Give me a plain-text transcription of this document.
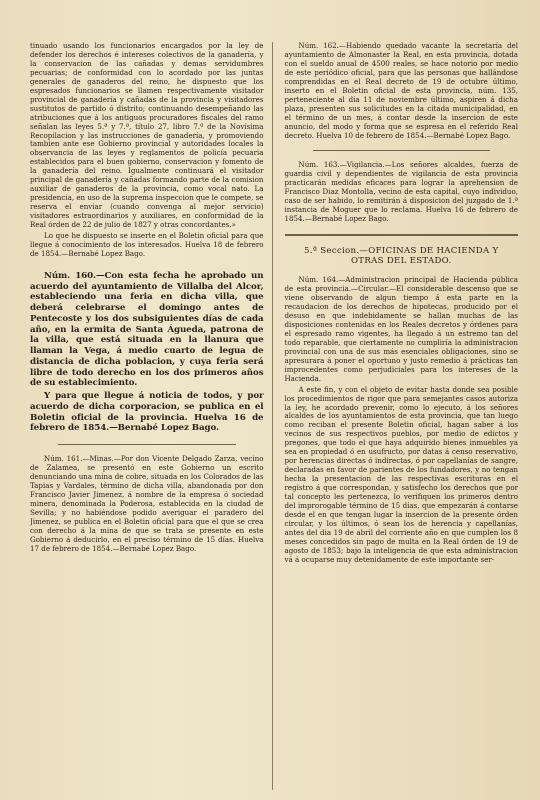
tinuado usando los funcionarios encargados por la ley de defender los derechos é intereses colectivos de la ganadería, y la conservacion de las cañadas y demas servidumbres pecuarias; de conformidad con lo acordado por las juntas generales de ganaderos del reino, he dispuesto que los espresados funcionarios se llamen respectivamente visitador provincial de ganadería y cañadas de la provincia y visitadores sustitutos de partido ó distrito; continuando desempeñando las atribuciones que á los antiguos procuradores fiscales del ramo señalan las leyes 5.ª y 7.ª, título 27, libro 7.º de la Novísima Recopilacion y las instrucciones de ganadería, y promoviendo tambien ante ese Gobierno provincial y autoridades locales la observancia de las leyes y reglamentos de policía pecuaria establecidos para el buen gobierno, conservacion y fomento de la ganadería del reino. Igualmente continuará el visitador principal de ganadería y cañadas formando parte de la comision auxiliar de ganaderos de la provincia, como vocal nato. La presidencia, en uso de la suprema inspeccion que le compete, se reserva el enviar (cuando convenga al mejor servicio) visitadores estraordinarios y auxiliares, en conformidad de la Real órden de 22 de julio de 1827 y otras concordantes.»

Lo que he dispuesto se inserte en el Boletin oficial para que llegue á conocimiento de los interesados. Huelva 18 de febrero de 1854.—Bernabé Lopez Bago.

Núm. 160.—Con esta fecha he aprobado un acuerdo del ayuntamiento de Villalba del Alcor, estableciendo una feria en dicha villa, que deberá celebrarse el domingo antes de Pentecoste y los dos subsiguientes días de cada año, en la ermita de Santa Águeda, patrona de la villa, que está situada en la llanura que llaman la Vega, á medio cuarto de legua de distancia de dicha poblacion, y cuya feria será libre de todo derecho en los dos primeros años de su establecimiento.

Y para que llegue á noticia de todos, y por acuerdo de dicha corporacion, se publica en el Boletin oficial de la provincia. Huelva 16 de febrero de 1854.—Bernabé Lopez Bago.

Núm. 161.—Minas.—Por don Vicente Delgado Zarza, vecino de Zalamea, se presentó en este Gobierno un escrito denunciando una mina de cobre, situada en los Colorados de las Tapias y Vardales, término de dicha villa, abandonada por don Francisco Javier Jimenez, á nombre de la empresa ó sociedad minera, denominada la Poderosa, establecida en la ciudad de Sevilla; y no habiéndose podido averiguar el paradero del Jimenez, se publica en el Boletin oficial para que el que se crea con derecho á la mina de que se trata se presente en este Gobierno á deducirlo, en el preciso término de 15 días. Huelva 17 de febrero de 1854.—Bernabé Lopez Bago.

Núm. 162.—Habiendo quedado vacante la secretaría del ayuntamiento de Almonaster la Real, en esta provincia, dotada con el sueldo anual de 4500 reales, se hace notorio por medio de este periódico oficial, para que las personas que hallándose comprendidas en el Real decreto de 19 de octubre último, inserto en el Boletin oficial de esta provincia, núm. 135, perteneciente al dia 11 de noviembre último, aspiren á dicha plaza, presenten sus solicitudes en la citada municipalidad, en el término de un mes, á contar desde la insercion de este anuncio, del modo y forma que se espresa en el referido Real decreto. Huelva 10 de febrero de 1854.—Bernabé Lopez Bago.

Núm. 163.—Vigilancia.—Los señores alcaldes, fuerza de guardia civil y dependientes de vigilancia de esta provincia practicarán medidas eficaces para lograr la aprehension de Francisco Diaz Montolla, vecino de esta capital, cuyo individuo, caso de ser habido, lo remitirán á disposicion del juzgado de 1.ª instancia de Moguer que lo reclama. Huelva 16 de febrero de 1854.—Bernabé Lopez Bago.

5.ª Seccion.—OFICINAS DE HACIENDA Y
OTRAS DEL ESTADO.

Núm. 164.—Administracion principal de Hacienda pública de esta provincia.—Circular.—El considerable descenso que se viene observando de algun tiempo á esta parte en la recaudacion de los derechos de hipotecas, producido por el desuso en que indebidamente se hallan muchas de las disposiciones contenidas en los Reales decretos y órdenes para el espresado ramo vigentes, ha llegado á un estremo tan del todo reparable, que ciertamente no cumpliría la administracion provincial con una de sus más esenciales obligaciones, sino se apresurara á poner el oportuno y justo remedio á prácticas tan improcedentes como perjudiciales para los intereses de la Hacienda.

A este fin, y con el objeto de evitar hasta donde sea posible los procedimientos de rigor que para semejantes casos autoriza la ley, he acordado prevenir, como lo ejecuto, á los señores alcaldes de los ayuntamientos de esta provincia, que tan luego como reciban el presente Boletin oficial, hagan saber á los vecinos de sus respectivos pueblos, por medio de edictos y pregones, que todo el que haya adquirido bienes inmuebles ya sea en propiedad ó en usufructo, por datas á censo reservativo, por herencias directas ó indirectas, ó por capellanías de sangre, declaradas en favor de parientes de los fundadores, y no tengan hecha la presentacion de las respectivas escrituras en el registro á que correspondan, y satisfecho los derechos que por tal concepto les pertenezca, lo verifiquen los primeros dentro del improrogable término de 15 días, que empezarán á contarse desde el en que tengan lugar la insercion de la presente órden circular, y los últimos, ó sean los de herencia y capellanías, antes del dia 19 de abril del corriente año en que cumplen los 8 meses concedidos sin pago de multa en la Real órden de 19 de agosto de 1853; bajo la inteligencia de que esta administracion vá á ocuparse muy detenidamente de este importante ser-
